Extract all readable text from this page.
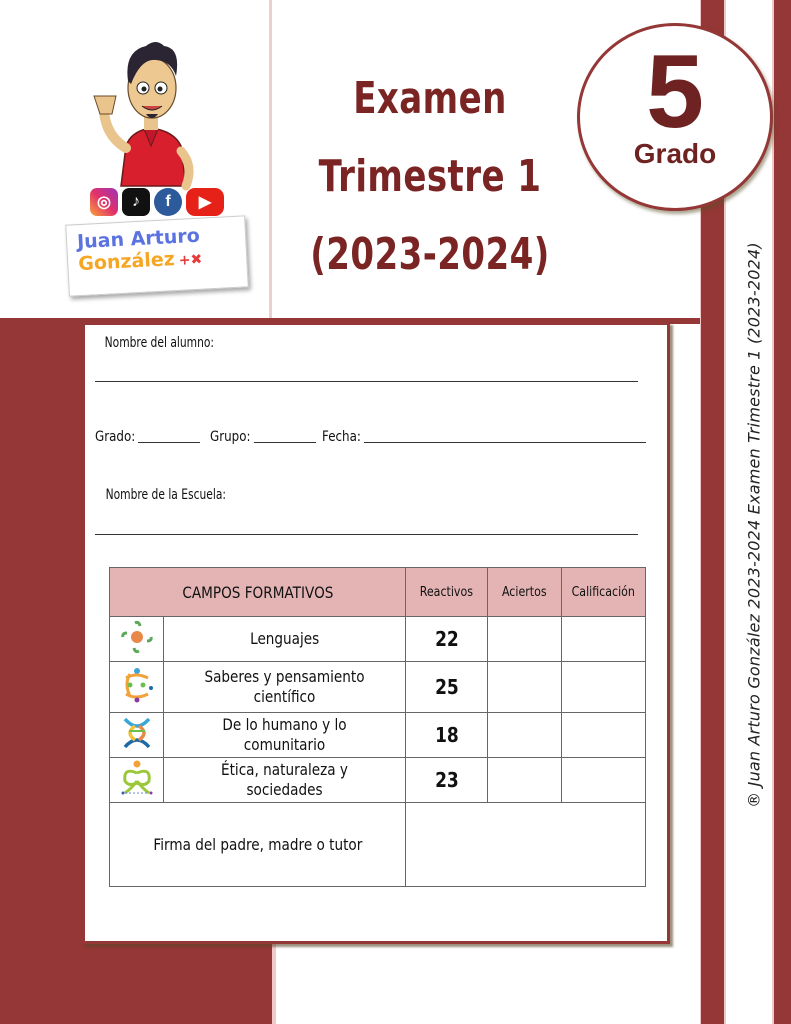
® Juan Arturo González 2023-2024 Examen Trimestre 1 (2023-2024)
◎ ♪ f ▶
Juan Arturo
González +✖
Examen
Trimestre 1
(2023-2024)
5
Grado
Nombre del alumno:
Grado:	Grupo:	Fecha:
Nombre de la Escuela:
CAMPOS FORMATIVOS		Reactivos	Aciertos	Calificación
	Lenguajes	22		
	Saberes y pensamiento científico	25		
	De lo humano y lo comunitario	18		
	Ética, naturaleza y sociedades	23		
Firma del padre, madre o tutor				
